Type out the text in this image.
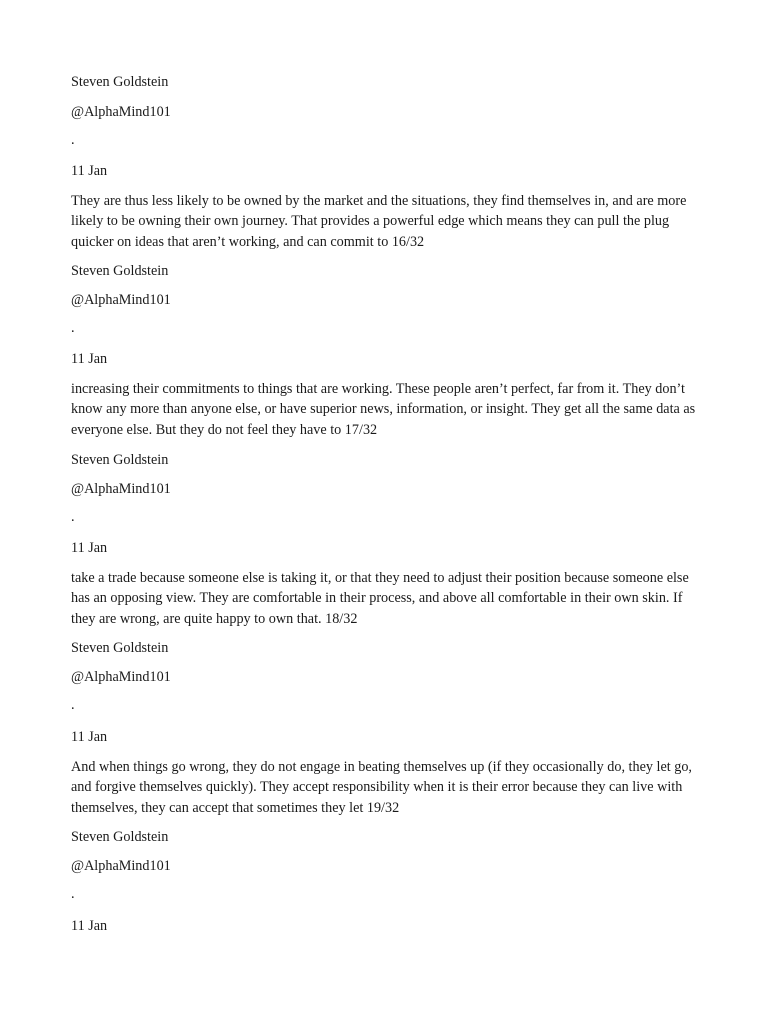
Steven Goldstein
@AlphaMind101
.
11 Jan
They are thus less likely to be owned by the market and the situations, they find themselves in, and are more likely to be owning their own journey. That provides a powerful edge which means they can pull the plug quicker on ideas that aren’t working, and can commit to 16/32
Steven Goldstein
@AlphaMind101
.
11 Jan
increasing their commitments to things that are working. These people aren’t perfect, far from it. They don’t know any more than anyone else, or have superior news, information, or insight. They get all the same data as everyone else. But they do not feel they have to 17/32
Steven Goldstein
@AlphaMind101
.
11 Jan
take a trade because someone else is taking it, or that they need to adjust their position because someone else has an opposing view. They are comfortable in their process, and above all comfortable in their own skin. If they are wrong, are quite happy to own that. 18/32
Steven Goldstein
@AlphaMind101
.
11 Jan
And when things go wrong, they do not engage in beating themselves up (if they occasionally do, they let go, and forgive themselves quickly). They accept responsibility when it is their error because they can live with themselves, they can accept that sometimes they let 19/32
Steven Goldstein
@AlphaMind101
.
11 Jan
